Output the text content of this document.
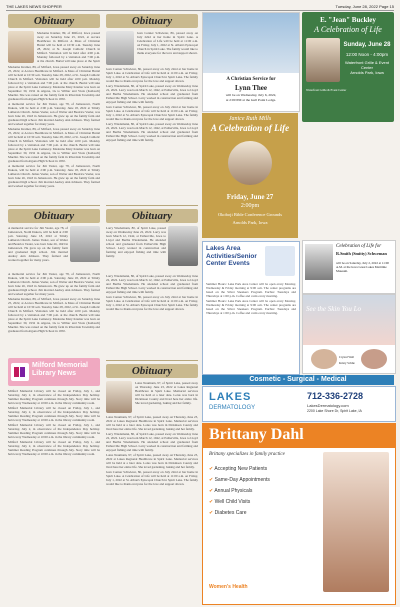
THE LAKES NEWS SHOPPER	Tuesday, June 28, 2022 Page 15
Obituary

Madonna Kramer, 89, of Milford, Iowa passed away on Saturday June 25, 2022, at Accura Healthcare in Milford. A Mass of Christian Burial will be held at 10:30 a.m. Tuesday June 28, 2022, at St. Joseph Catholic Church in Milford. Visitation will be held after 4:00 p.m. Monday followed by a visitation and 7:00 p.m. at the church. Burial will take place at the Spirit

Madonna Kramer, 89, of Milford, Iowa passed away on Saturday June 25, 2022, at Accura Healthcare in Milford. A Mass of Christian Burial will be held at 10:30 a.m. Tuesday June 28, 2022, at St. Joseph Catholic Church in Milford. Visitation will be held after 4:00 p.m. Monday followed by a visitation and 7:00 p.m. at the church. Burial will take place at the Spirit Lake Cemetery. Madonna Mary Kramer was born on September 30, 1932 in Algona, IA to Wilbur and Viola (Kollasch) Mueller. She was raised on the family farm in Riverdale Township and graduated from Algona High School in 1950.

A memorial service for Jim Vaaler, age 78, of Jamestown, North Dakota, will be held at 2:00 p.m. Saturday, June 18, 2022 at Trinity Lutheran Church. James Vaaler, son of Walter and Beatrice Vaaler, was born June 26, 1943 in Jamestown. He grew up on the family farm and graduated high school. Jim married Audrey Ann Johnson. They farmed and worked together for many years.

Madonna Kramer, 89, of Milford, Iowa passed away on Saturday June 25, 2022, at Accura Healthcare in Milford. A Mass of Christian Burial will be held at 10:30 a.m. Tuesday June 28, 2022, at St. Joseph Catholic Church in Milford. Visitation will be held after 4:00 p.m. Monday followed by a visitation and 7:00 p.m. at the church. Burial will take place at the Spirit Lake Cemetery. Madonna Mary Kramer was born on September 30, 1932 in Algona, IA to Wilbur and Viola (Kollasch) Mueller. She was raised on the family farm in Riverdale Township and graduated from Algona High School in 1950.

A memorial service for Jim Vaaler, age 78, of Jamestown, North Dakota, will be held at 2:00 p.m. Saturday, June 18, 2022 at Trinity Lutheran Church. James Vaaler, son of Walter and Beatrice Vaaler, was born June 26, 1943 in Jamestown. He grew up on the family farm and graduated high school. Jim married Audrey Ann Johnson. They farmed and worked together for many years.

Obituary

A memorial service for Jim Vaaler, age 78, of Jamestown, North Dakota, will be held at 2:00 p.m. Saturday, June 18, 2022 at Trinity Lutheran Church. James Vaaler, son of Walter and Beatrice Vaaler, was born June 26, 1943 in Jamestown. He grew up on the family farm and graduated high school. Jim married Audrey Ann Johnson. They farmed and worked together for many years.

A memorial service for Jim Vaaler, age 78, of Jamestown, North Dakota, will be held at 2:00 p.m. Saturday, June 18, 2022 at Trinity Lutheran Church. James Vaaler, son of Walter and Beatrice Vaaler, was born June 26, 1943 in Jamestown. He grew up on the family farm and graduated high school. Jim married Audrey Ann Johnson. They farmed and worked together for many years.

Madonna Kramer, 89, of Milford, Iowa passed away on Saturday June 25, 2022, at Accura Healthcare in Milford. A Mass of Christian Burial will be held at 10:30 a.m. Tuesday June 28, 2022, at St. Joseph Catholic Church in Milford. Visitation will be held after 4:00 p.m. Monday followed by a visitation and 7:00 p.m. at the church. Burial will take place at the Spirit Lake Cemetery. Madonna Mary Kramer was born on September 30, 1932 in Algona, IA to Wilbur and Viola (Kollasch) Mueller. She was raised on the family farm in Riverdale Township and graduated from Algona High School in 1950.

Milford Memorial Library News

Milford Memorial Library will be closed on Friday, July 1, and Saturday, July 2, in observance of the Independence Day holiday. Summer Reading Program continues through July. Story time will be held every Wednesday at 10:00 a.m. in the library community room.

Milford Memorial Library will be closed on Friday, July 1, and Saturday, July 2, in observance of the Independence Day holiday. Summer Reading Program continues through July. Story time will be held every Wednesday at 10:00 a.m. in the library community room.

Milford Memorial Library will be closed on Friday, July 1, and Saturday, July 2, in observance of the Independence Day holiday. Summer Reading Program continues through July. Story time will be held every Wednesday at 10:00 a.m. in the library community room.

Milford Memorial Library will be closed on Friday, July 1, and Saturday, July 2, in observance of the Independence Day holiday. Summer Reading Program continues through July. Story time will be held every Wednesday at 10:00 a.m. in the library community room.

Obituary

Jean Conner Schwieter, 86, passed away on July 22nd at her home in Spirit Lake. A Celebration of Life will be held at 11:00 a.m. on Friday, July 1, 2022 at St. Alban's Episcopal Church in Spirit Lake. The family would like to thank everyone for the love and support shown.

Jean Conner Schwieter, 86, passed away on July 22nd at her home in Spirit Lake. A Celebration of Life will be held at 11:00 a.m. on Friday, July 1, 2022 at St. Alban's Episcopal Church in Spirit Lake. The family would like to thank everyone for the love and support shown.

Larry Wiedemann, 80, of Spirit Lake, passed away on Wednesday June 22, 2022. Larry was born March 12, 1942, at Estherville, Iowa to Lloyd and Bertha Wiedemann. He attended school and graduated from Estherville High School. Larry worked in construction and farming and enjoyed fishing and time with family.

Jean Conner Schwieter, 86, passed away on July 22nd at her home in Spirit Lake. A Celebration of Life will be held at 11:00 a.m. on Friday, July 1, 2022 at St. Alban's Episcopal Church in Spirit Lake. The family would like to thank everyone for the love and support shown.

Larry Wiedemann, 80, of Spirit Lake, passed away on Wednesday June 22, 2022. Larry was born March 12, 1942, at Estherville, Iowa to Lloyd and Bertha Wiedemann. He attended school and graduated from Estherville High School. Larry worked in construction and farming and enjoyed fishing and time with family.

Obituary

Larry Wiedemann, 80, of Spirit Lake, passed away on Wednesday June 22, 2022. Larry was born March 12, 1942, at Estherville, Iowa to Lloyd and Bertha Wiedemann. He attended school and graduated from Estherville High School. Larry worked in construction and farming and enjoyed fishing and time with family.

Larry Wiedemann, 80, of Spirit Lake, passed away on Wednesday June 22, 2022. Larry was born March 12, 1942, at Estherville, Iowa to Lloyd and Bertha Wiedemann. He attended school and graduated from Estherville High School. Larry worked in construction and farming and enjoyed fishing and time with family.

Jean Conner Schwieter, 86, passed away on July 22nd at her home in Spirit Lake. A Celebration of Life will be held at 11:00 a.m. on Friday, July 1, 2022 at St. Alban's Episcopal Church in Spirit Lake. The family would like to thank everyone for the love and support shown.

Obituary

Lotus Neumann, 97, of Spirit Lake, passed away on Thursday, June 23, 2022 at Lakes Regional Healthcare in Spirit Lake. Memorial services will be held at a later date. Lotus was born in Dickinson County and lived here her entire life. She loved gardening, baking and her family.

Lotus Neumann, 97, of Spirit Lake, passed away on Thursday, June 23, 2022 at Lakes Regional Healthcare in Spirit Lake. Memorial services will be held at a later date. Lotus was born in Dickinson County and lived here her entire life. She loved gardening, baking and her family.

Larry Wiedemann, 80, of Spirit Lake, passed away on Wednesday June 22, 2022. Larry was born March 12, 1942, at Estherville, Iowa to Lloyd and Bertha Wiedemann. He attended school and graduated from Estherville High School. Larry worked in construction and farming and enjoyed fishing and time with family.

Lotus Neumann, 97, of Spirit Lake, passed away on Thursday, June 23, 2022 at Lakes Regional Healthcare in Spirit Lake. Memorial services will be held at a later date. Lotus was born in Dickinson County and lived here her entire life. She loved gardening, baking and her family.

Jean Conner Schwieter, 86, passed away on July 22nd at her home in Spirit Lake. A Celebration of Life will be held at 11:00 a.m. on Friday, July 1, 2022 at St. Alban's Episcopal Church in Spirit Lake. The family would like to thank everyone for the love and support shown.

E. "Jean" Buckley
A Celebration of Life
Sunday, June 28
12:00 Noon - 4:00pm
Waterfront Grille & Event Center
Arnolds Park, Iowa
Waterfront Grille & Event Center
A Christian Service for
Lynn Thee
will be on Wednesday, July 6, 2022,
at 2:00 PM at the Gull Point Lodge.
Janice Ruth Mills
A Celebration of Life
Friday, June 27
2:00pm
Okoboji Bible Conference Grounds
Arnolds Park, Iowa
Celebration of Life for
R.Smith (Smitty) Schweman
will be on Saturday, July 2, 2022 at 11:00 A.M. at the Iowa Great Lakes Maritime Museum.
Lakes Area Activities/Senior Center Events

Summer Hours: Lake Park Area Center will be open every Monday, Wednesday & Friday morning at 9:00 a.m. The center programs are based on the Silver Sneakers Program. Euchre: Tuesdays and Thursdays at 1:00 p.m. Coffee and cards every morning.

Summer Hours: Lake Park Area Center will be open every Monday, Wednesday & Friday morning at 9:00 a.m. The center programs are based on the Silver Sneakers Program. Euchre: Tuesdays and Thursdays at 1:00 p.m. Coffee and cards every morning.	See the Skin You Lo
Crystal Wall
Kristy Schlie
Cosmetic - Surgical - Medical
LAKES
DERMATOLOGY
712-336-2728
LakesDermatology.com
2200 Lake Shore Dr, Spirit Lake, IA
Brittany Dahl
Brittany specializes in family practice
✔ Accepting New Patients
✔ Same-Day Appointments
✔ Annual Physicals
✔ Well Child Visits
✔ Diabetes Care
Women's Health
